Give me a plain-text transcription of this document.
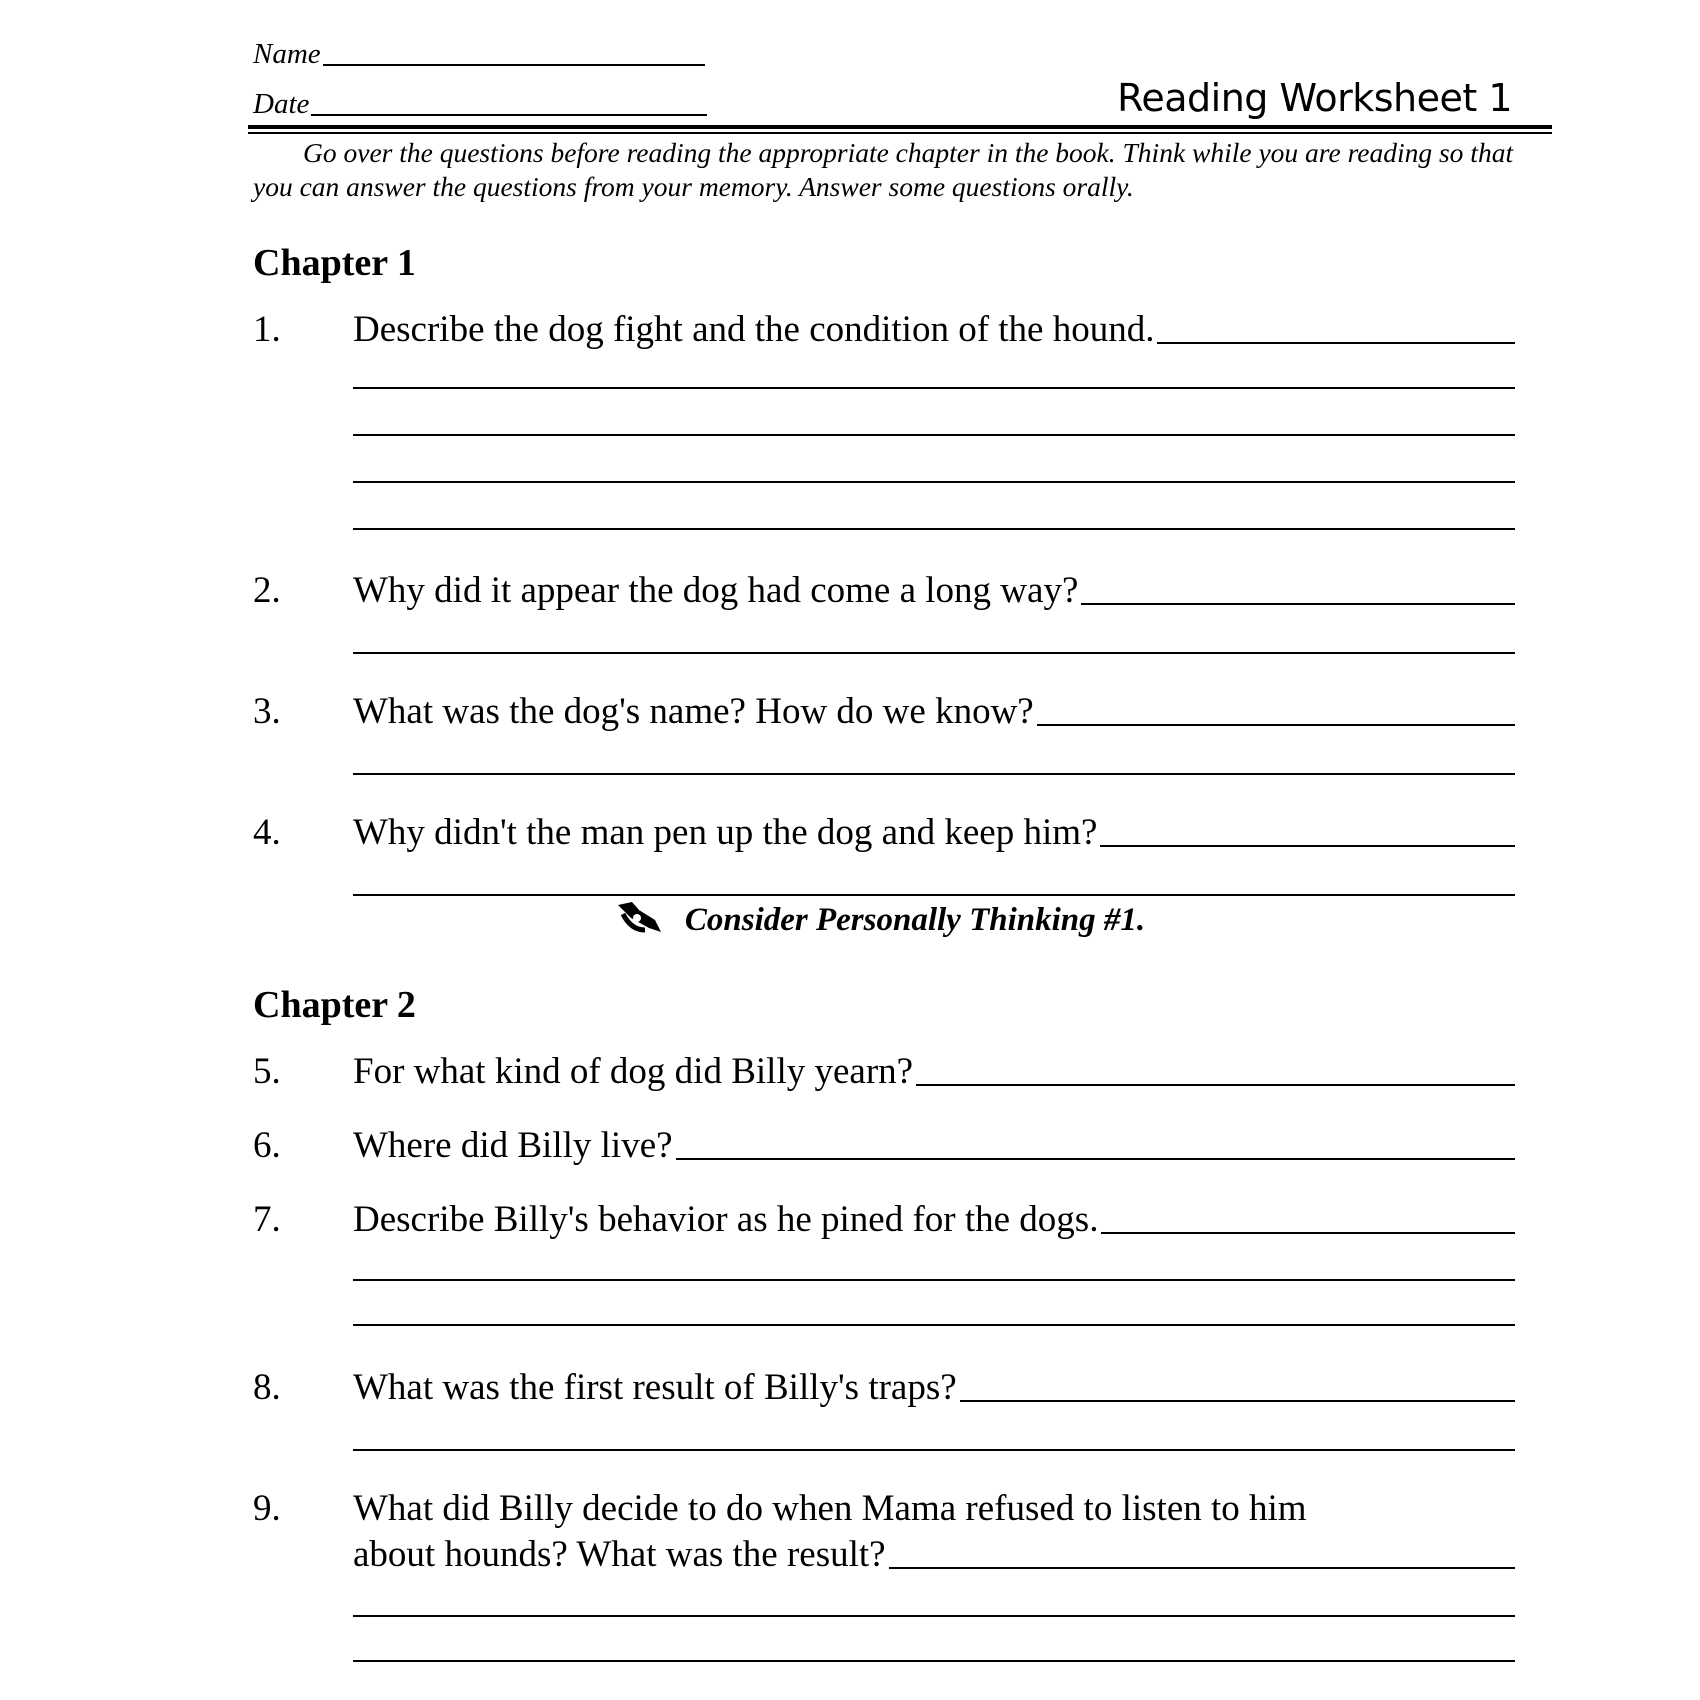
Name
Date	Reading Worksheet 1
Go over the questions before reading the appropriate chapter in the book. Think while you are reading so that you can answer the questions from your memory. Answer some questions orally.
Chapter 1
1. Describe the dog fight and the condition of the hound.
2. Why did it appear the dog had come a long way?
3. What was the dog's name? How do we know?
4. Why didn't the man pen up the dog and keep him?
Consider Personally Thinking #1.
Chapter 2
5. For what kind of dog did Billy yearn?
6. Where did Billy live?
7. Describe Billy's behavior as he pined for the dogs.
8. What was the first result of Billy's traps?
9. What did Billy decide to do when Mama refused to listen to him
about hounds? What was the result?
